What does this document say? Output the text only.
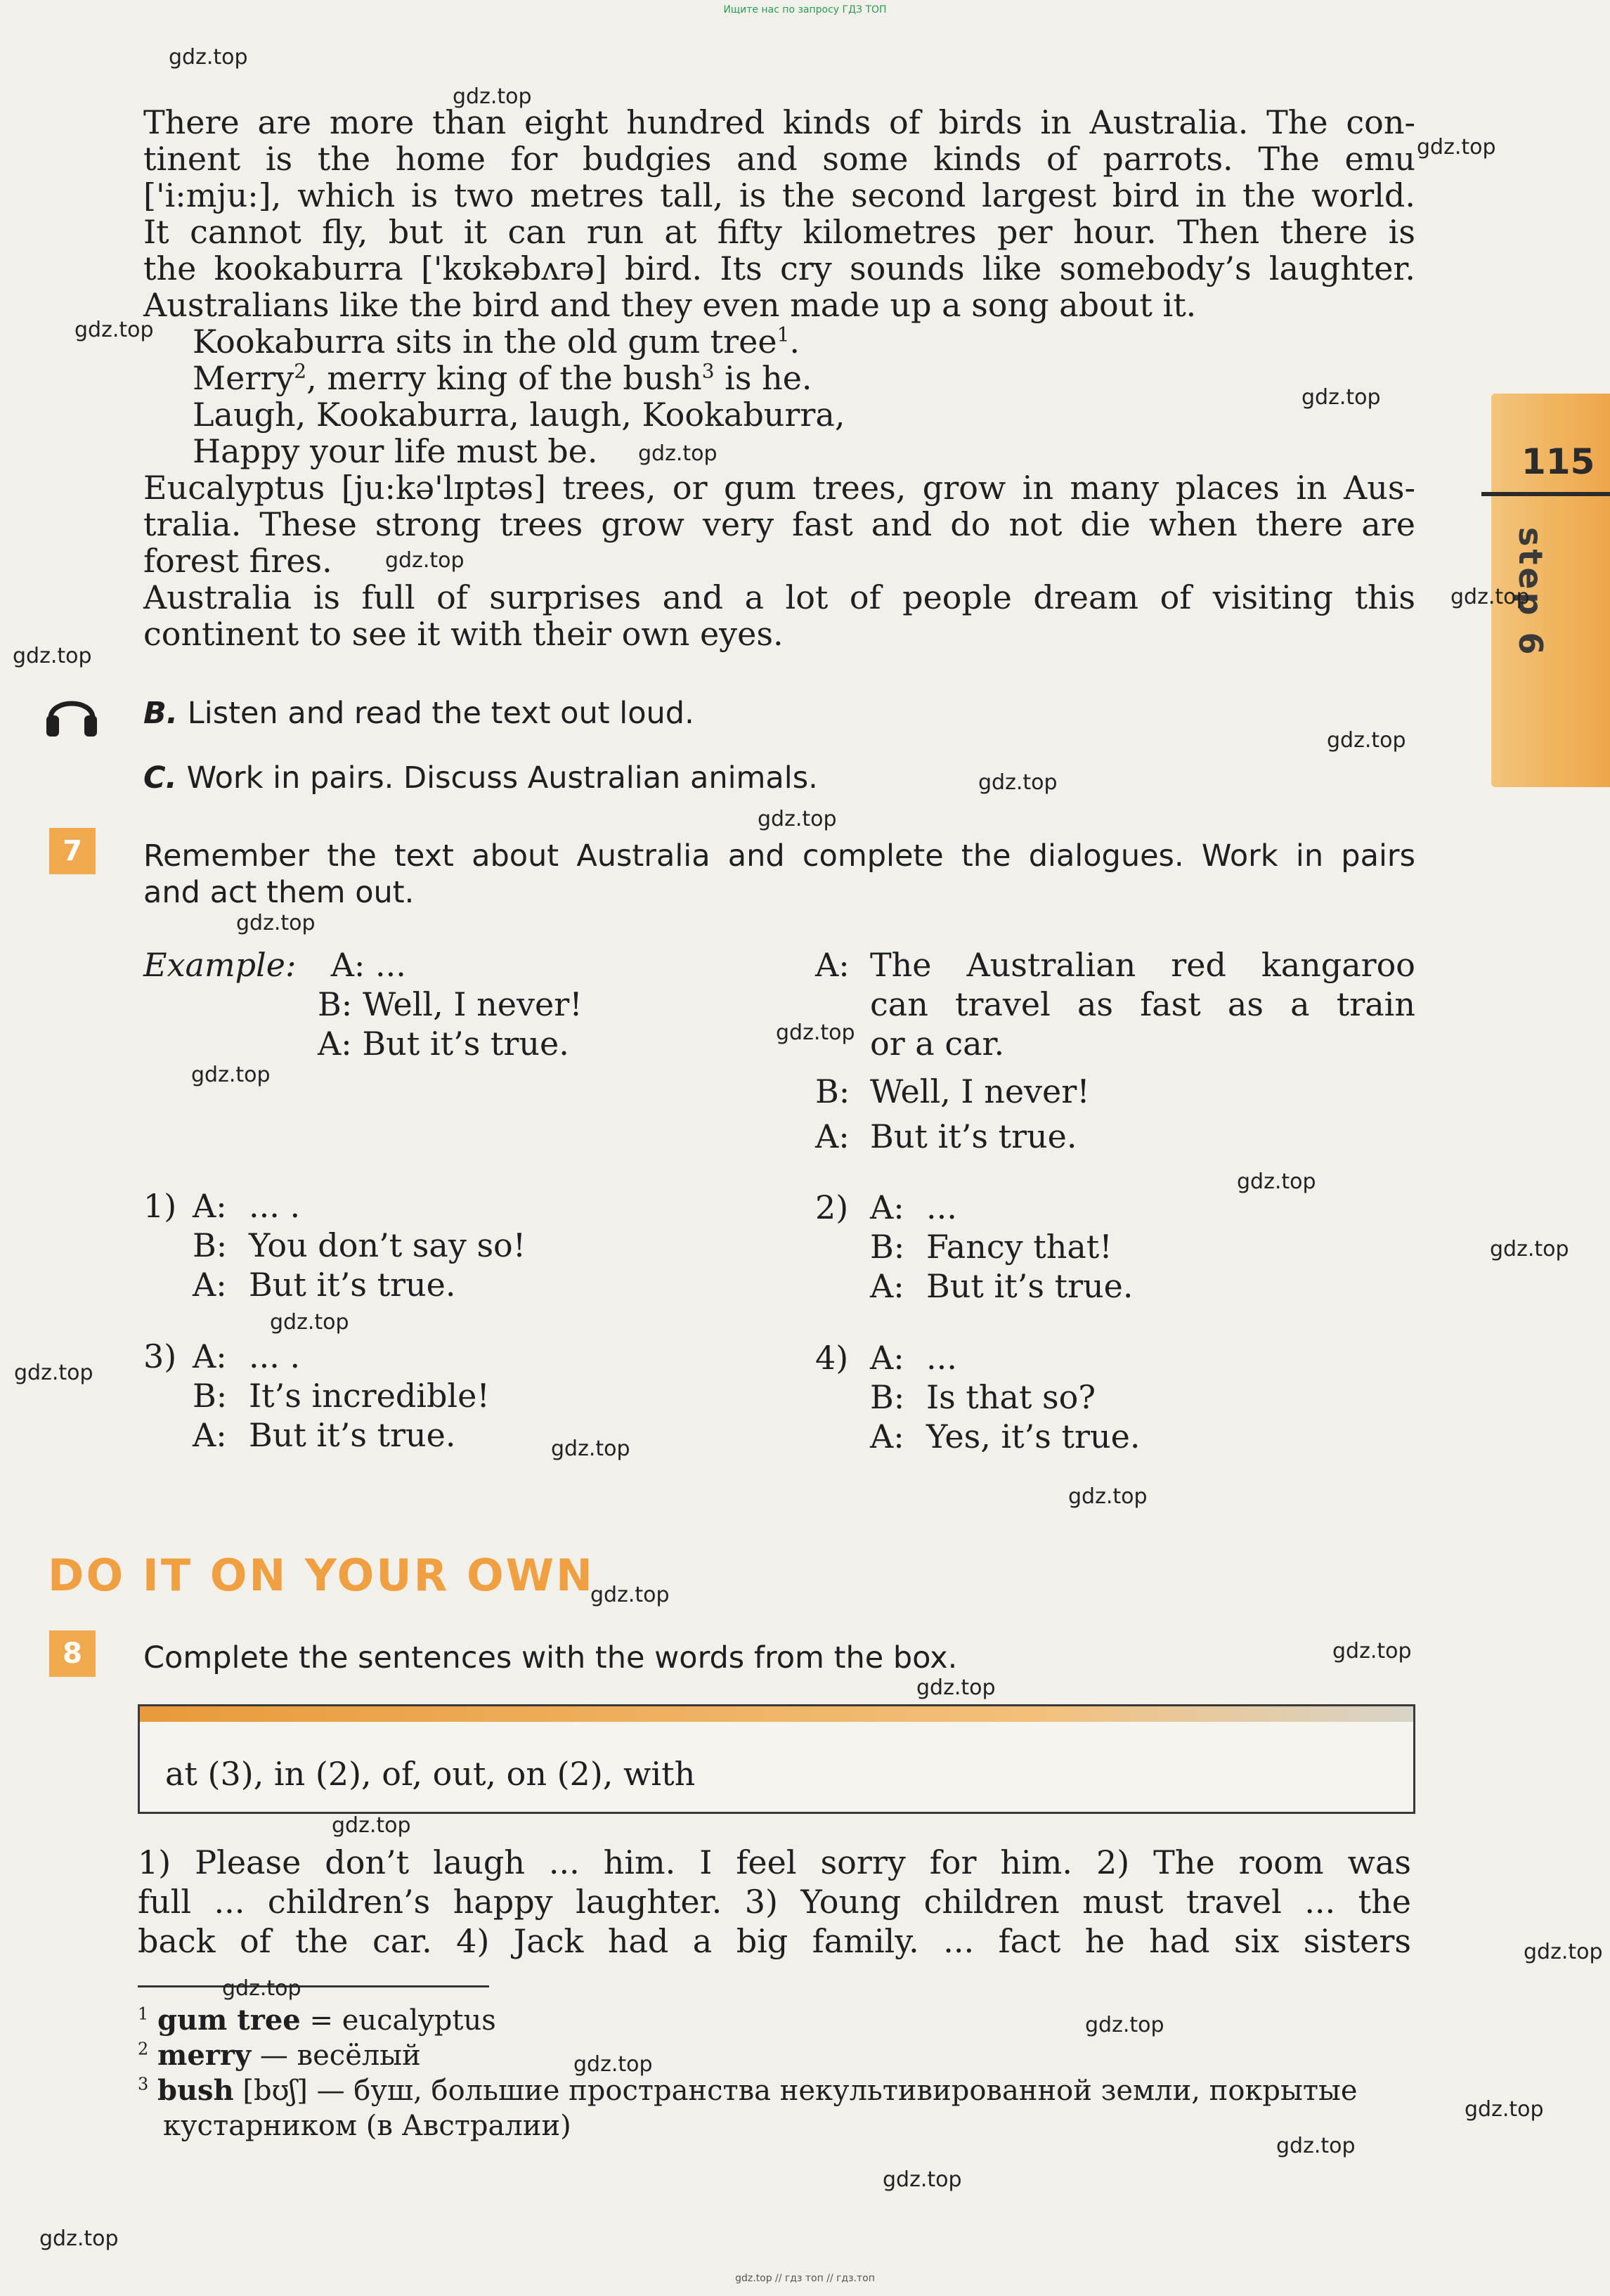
Ищите нас по запросу ГДЗ ТОП
115
step 6
There are more than eight hundred kinds of birds in Australia. The con-
tinent is the home for budgies and some kinds of parrots. The emu
['i:mju:], which is two metres tall, is the second largest bird in the world.
It cannot fly, but it can run at fifty kilometres per hour. Then there is
the kookaburra ['kʊkəbʌrə] bird. Its cry sounds like somebody’s laughter.
Australians like the bird and they even made up a song about it.
Kookaburra sits in the old gum tree$^1$.
Merry$^2$, merry king of the bush$^3$ is he.
Laugh, Kookaburra, laugh, Kookaburra,
Happy your life must be.
Eucalyptus [ju:kə'lɪptəs] trees, or gum trees, grow in many places in Aus-
tralia. These strong trees grow very fast and do not die when there are
forest fires.
Australia is full of surprises and a lot of people dream of visiting this
continent to see it with their own eyes.
B. Listen and read the text out loud.
C. Work in pairs. Discuss Australian animals.
7	Remember the text about Australia and complete the dialogues. Work in pairs
and act them out.
Example: A: ...
B: Well, I never!
A: But it’s true.
A: The Australian red kangaroo
can travel as fast as a train
or a car.
B: Well, I never!
A: But it’s true.
1) A: ... .
B: You don’t say so!
A: But it’s true.
2) A: ...
B: Fancy that!
A: But it’s true.
3) A: ... .
B: It’s incredible!
A: But it’s true.
4) A: ...
B: Is that so?
A: Yes, it’s true.
DO IT ON YOUR OWN
8	Complete the sentences with the words from the box.
at (3), in (2), of, out, on (2), with
1) Please don’t laugh ... him. I feel sorry for him. 2) The room was
full ... children’s happy laughter. 3) Young children must travel ... the
back of the car. 4) Jack had a big family. ... fact he had six sisters
$^1$ gum tree = eucalyptus
$^2$ merry — весёлый
$^3$ bush [bʊʃ] — буш, большие пространства некультивированной земли, покрытые
кустарником (в Австралии)
gdz.top
gdz.top
gdz.top
gdz.top
gdz.top
gdz.top
gdz.top
gdz.top
gdz.top
gdz.top
gdz.top
gdz.top
gdz.top
gdz.top
gdz.top
gdz.top
gdz.top
gdz.top
gdz.top
gdz.top
gdz.top
gdz.top
gdz.top
gdz.top
gdz.top
gdz.top
gdz.top
gdz.top
gdz.top
gdz.top
gdz.top
gdz.top
gdz.top
gdz.top // гдз топ // гдз.топ
